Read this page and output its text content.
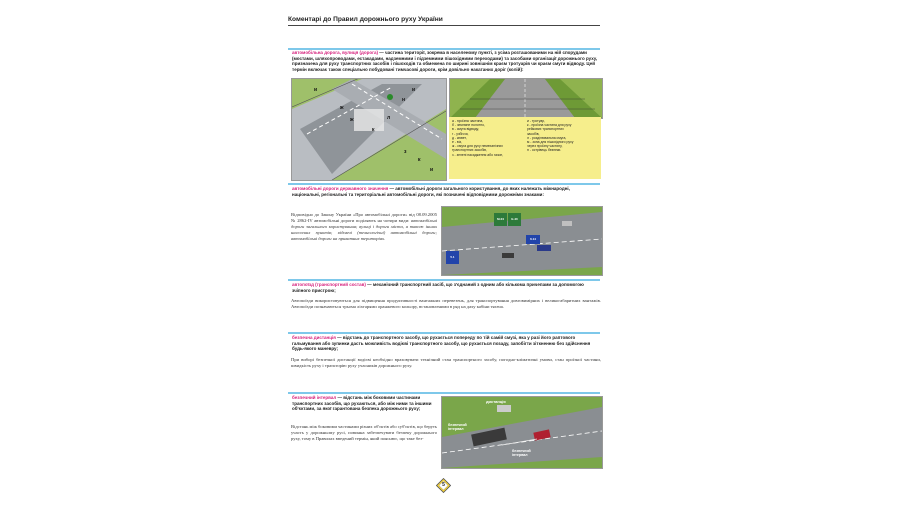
Коментарі до Правил дорожнього руху України
автомобільна дорога, вулиця (дорога) — частина території, зокрема в населеному пункті, з усіма розташованими на ній спорудами (мостами, шляхопроводами, естакадами, надземними і підземними пішохідними переходами) та засобами організації дорожнього руху, призначена для руху транспортних засобів і пішоходів та обмежена по ширині зовнішнім краєм тротуарів чи краєм смуги відводу. Цей термін включає також спеціально побудовані тимчасові дороги, крім довільно накатаних доріг (колій):
и
ж
ж
к
и
н
л
з
к
и
а - проїзна частина,
б - земляне полотно,
в - смуга відводу,
г - узбіччя,
д - кювет,
е - віз,
ж - смуга для руху немеханічних
транспортних засобів,
з - зелені насадження або газон,
и - тротуар,
к - проїзна частина для руху
рейкових транспортних
засобів,
л - розділювальна смуга,
м - зона для пішохідного руху
через проїзну частину,
н - острівець безпеки.
автомобільні дороги державного значення — автомобільні дороги загального користування, до яких належать міжнародні, національні, регіональні та територіальні автомобільні дороги, які позначені відповідними дорожніми знаками:
Відповідно до Закону України «Про автомобільні дороги» від 08.09.2005 № 2862-IV автомобільні дороги поділяють на чотири види: автомобільні дороги загального користування; вулиці і дороги міста, а також інших населених пунктів; відомчі (технологічні) автомобільні дороги; автомобільні дороги на приватних територіях.
M-04	E-40
6.14
5.1
автопоїзд (транспортний состав) — механічний транспортний засіб, що з'єднаний з одним або кількома причепами за допомогою зчіпного пристрою;
Автопоїзди використовуються для підвищення продуктивності вантажних перевезень, для транспортування довговимірних і великогабаритних вантажів. Автопоїзди позначаються трьома ліхтарями оранжевого кольору, встановленими в ряд на даху кабіни тягача.
безпечна дистанція — відстань до транспортного засобу, що рухається попереду по тій самій смузі, яка у разі його раптового гальмування або зупинки дасть можливість водієві транспортного засобу, що рухається позаду, запобігти зіткненню без здійснення будь-якого маневру;
При виборі безпечної дистанції водієві необхідно враховувати технічний стан транспортного засобу, погодно-кліматичні умови, стан проїзної частини, швидкість руху і траєкторію руху учасників дорожнього руху.
безпечний інтервал — відстань між боковими частинами транспортних засобів, що рухаються, або між ними та іншими об'єктами, за якої гарантована безпека дорожнього руху;
Відстань між боковими частинами різних об'єктів або суб'єктів, що беруть участь у дорожньому русі, повинна забезпечувати безпеку дорожнього руху, тому в Правилах введений термін, який пояснює, що таке без-
дистанція
безпечний інтервал
безпечний інтервал
5
